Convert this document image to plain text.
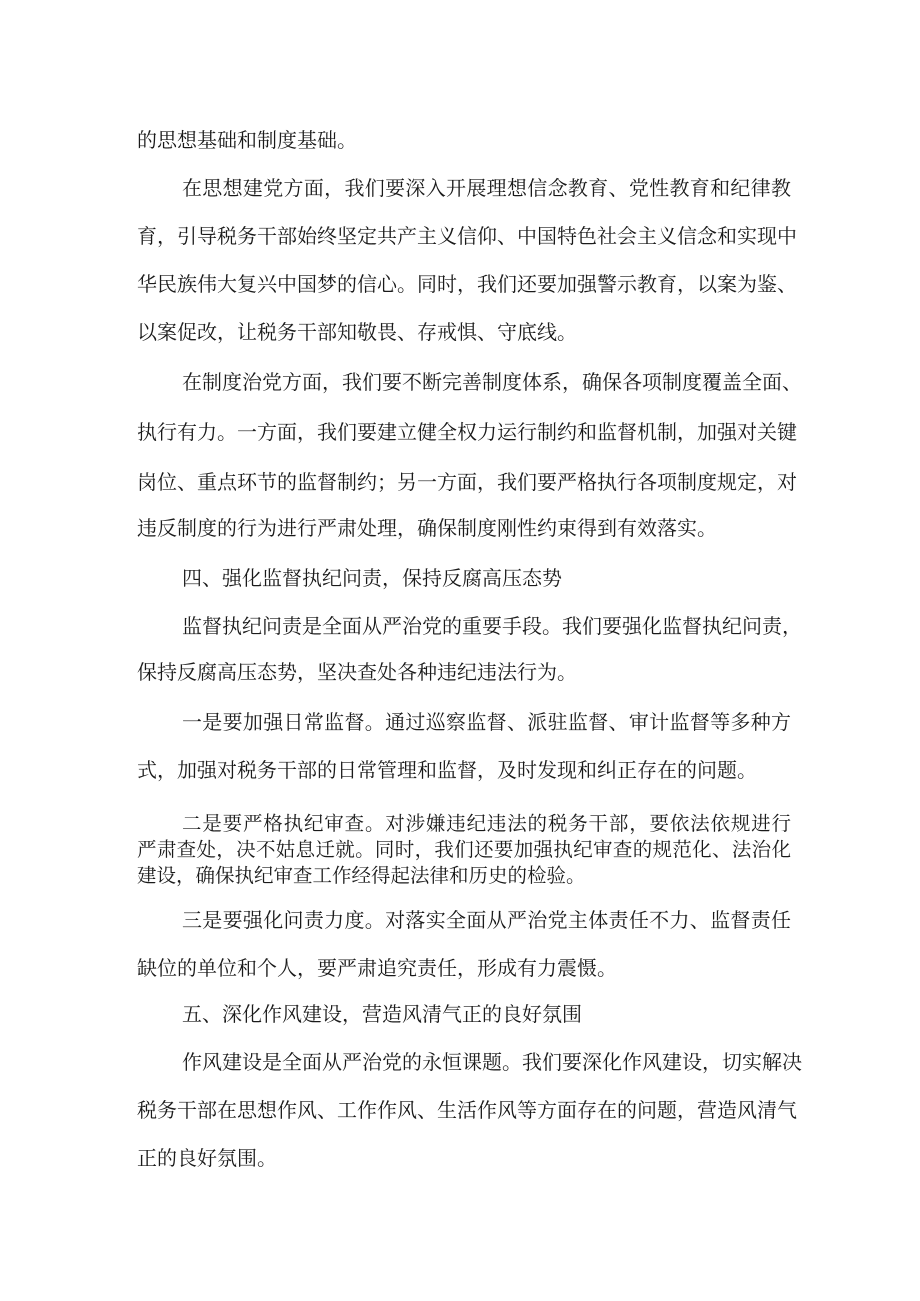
的思想基础和制度基础。
在思想建党方面，我们要深入开展理想信念教育、党性教育和纪律教
育，引导税务干部始终坚定共产主义信仰、中国特色社会主义信念和实现中
华民族伟大复兴中国梦的信心。同时，我们还要加强警示教育，以案为鉴、
以案促改，让税务干部知敬畏、存戒惧、守底线。
在制度治党方面，我们要不断完善制度体系，确保各项制度覆盖全面、
执行有力。一方面，我们要建立健全权力运行制约和监督机制，加强对关键
岗位、重点环节的监督制约；另一方面，我们要严格执行各项制度规定，对
违反制度的行为进行严肃处理，确保制度刚性约束得到有效落实。
四、强化监督执纪问责，保持反腐高压态势
监督执纪问责是全面从严治党的重要手段。我们要强化监督执纪问责，
保持反腐高压态势，坚决查处各种违纪违法行为。
一是要加强日常监督。通过巡察监督、派驻监督、审计监督等多种方
式，加强对税务干部的日常管理和监督，及时发现和纠正存在的问题。
二是要严格执纪审查。对涉嫌违纪违法的税务干部，要依法依规进行
严肃查处，决不姑息迁就。同时，我们还要加强执纪审查的规范化、法治化
建设，确保执纪审查工作经得起法律和历史的检验。
三是要强化问责力度。对落实全面从严治党主体责任不力、监督责任
缺位的单位和个人，要严肃追究责任，形成有力震慑。
五、深化作风建设，营造风清气正的良好氛围
作风建设是全面从严治党的永恒课题。我们要深化作风建设，切实解决
税务干部在思想作风、工作作风、生活作风等方面存在的问题，营造风清气
正的良好氛围。
